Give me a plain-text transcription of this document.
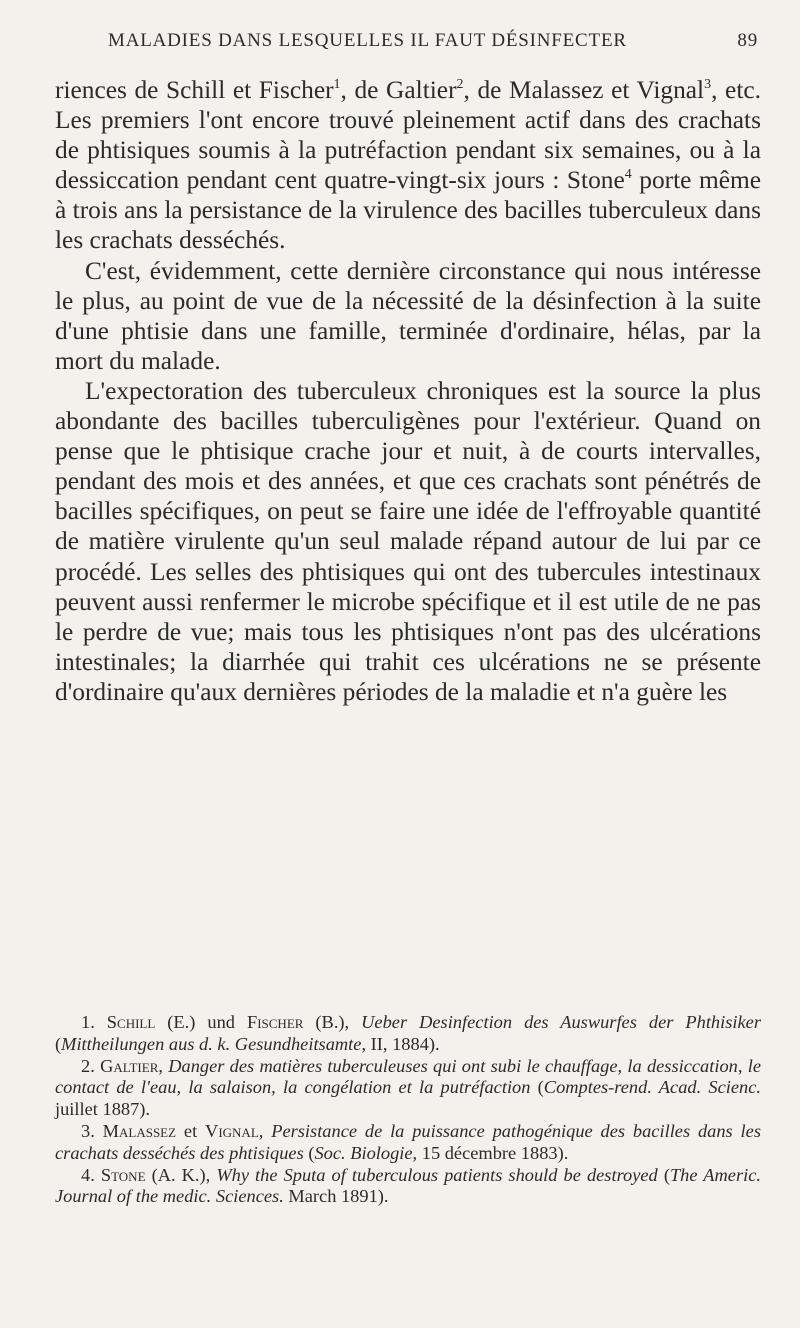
MALADIES DANS LESQUELLES IL FAUT DÉSINFECTER	89

riences de Schill et Fischer$^1$, de Galtier$^2$, de Malassez et Vignal$^3$, etc. Les premiers l'ont encore trouvé pleinement actif dans des crachats de phtisiques soumis à la putréfaction pendant six semaines, ou à la dessiccation pendant cent quatre-vingt-six jours : Stone$^4$ porte même à trois ans la persistance de la virulence des bacilles tuberculeux dans les crachats desséchés.

C'est, évidemment, cette dernière circonstance qui nous intéresse le plus, au point de vue de la nécessité de la désinfection à la suite d'une phtisie dans une famille, terminée d'ordinaire, hélas, par la mort du malade.

L'expectoration des tuberculeux chroniques est la source la plus abondante des bacilles tuberculigènes pour l'extérieur. Quand on pense que le phtisique crache jour et nuit, à de courts intervalles, pendant des mois et des années, et que ces crachats sont pénétrés de bacilles spécifiques, on peut se faire une idée de l'effroyable quantité de matière virulente qu'un seul malade répand autour de lui par ce procédé. Les selles des phtisiques qui ont des tubercules intestinaux peuvent aussi renfermer le microbe spécifique et il est utile de ne pas le perdre de vue; mais tous les phtisiques n'ont pas des ulcérations intestinales; la diarrhée qui trahit ces ulcérations ne se présente d'ordinaire qu'aux dernières périodes de la maladie et n'a guère les

1. Schill (E.) und Fischer (B.), Ueber Desinfection des Auswurfes der Phthisiker (Mittheilungen aus d. k. Gesundheitsamte, II, 1884).

2. Galtier, Danger des matières tuberculeuses qui ont subi le chauffage, la dessiccation, le contact de l'eau, la salaison, la congélation et la putréfaction (Comptes-rend. Acad. Scienc. juillet 1887).

3. Malassez et Vignal, Persistance de la puissance pathogénique des bacilles dans les crachats desséchés des phtisiques (Soc. Biologie, 15 décembre 1883).

4. Stone (A. K.), Why the Sputa of tuberculous patients should be destroyed (The Americ. Journal of the medic. Sciences. March 1891).
